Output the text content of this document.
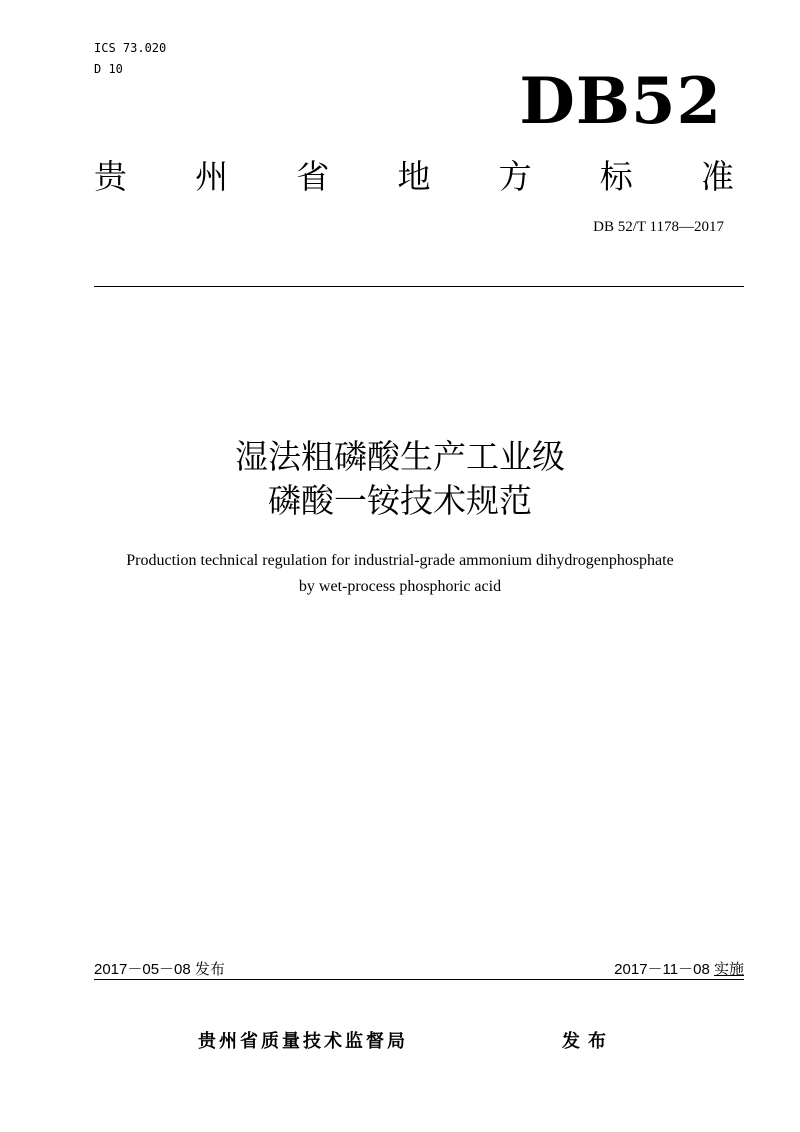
ICS 73.020
D 10	DB52
贵 州 省 地 方 标 准
DB 52/T 1178—2017
湿法粗磷酸生产工业级
磷酸一铵技术规范
Production technical regulation for industrial-grade ammonium dihydrogenphosphate
by wet-process phosphoric acid
2017－05－08 发布	2017－11－08 实施
贵州省质量技术监督局	发布
